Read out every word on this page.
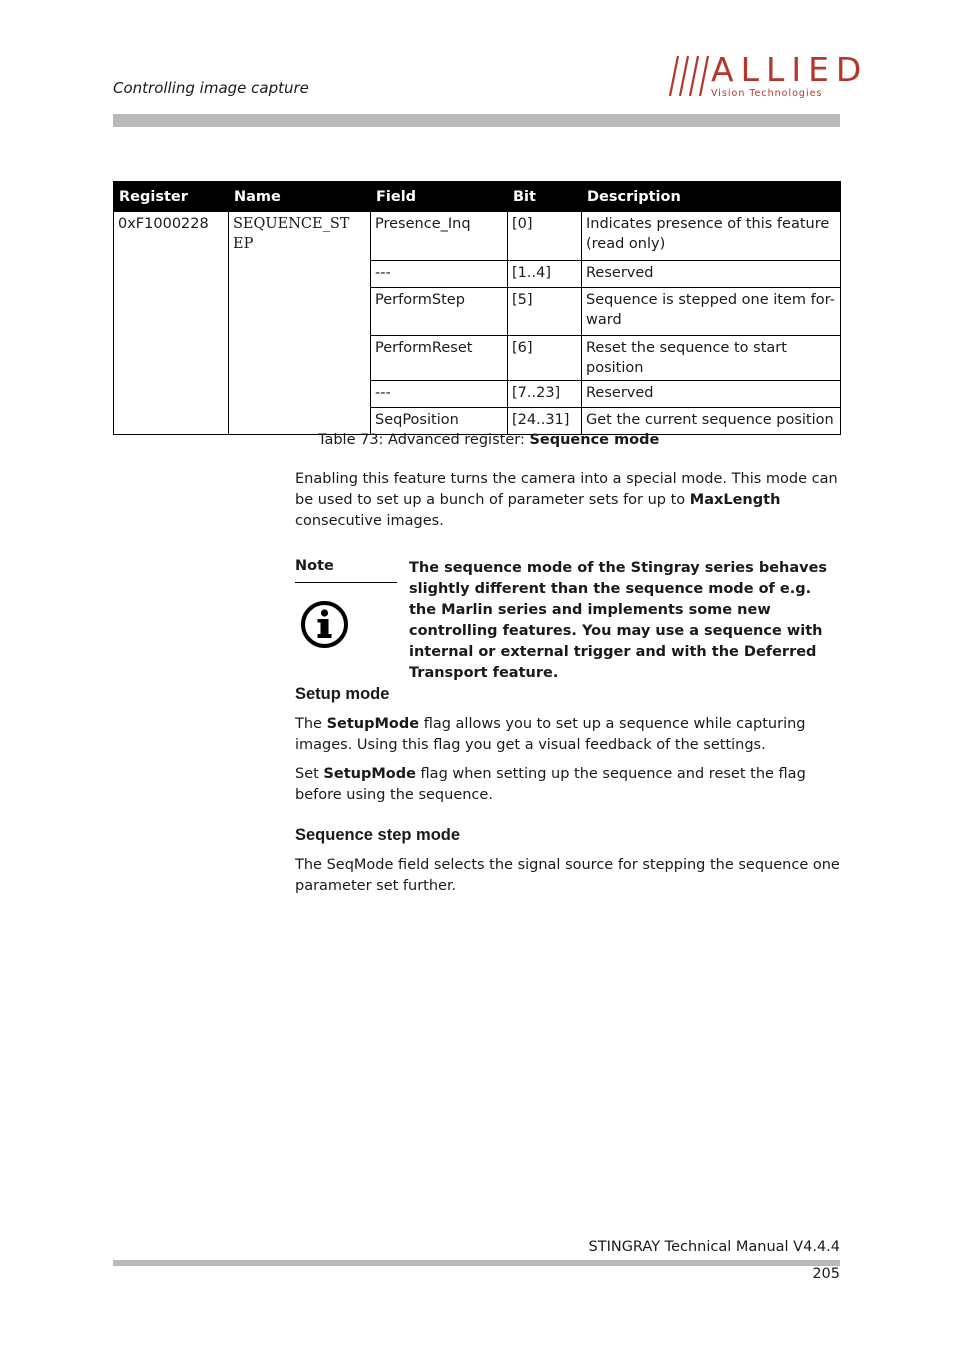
Controlling image capture	ALLIED
Vision Technologies
Register	Name	Field	Bit	Description
0xF1000228	SEQUENCE_ST EP	Presence_Inq	[0]	Indicates presence of this feature (read only)
		---	[1..4]	Reserved
		PerformStep	[5]	Sequence is stepped one item for-ward
		PerformReset	[6]	Reset the sequence to start position
		---	[7..23]	Reserved
		SeqPosition	[24..31]	Get the current sequence position
Table 73: Advanced register: Sequence mode
Enabling this feature turns the camera into a special mode. This mode can be used to set up a bunch of parameter sets for up to MaxLength consecutive images.
Note	The sequence mode of the Stingray series behaves slightly different than the sequence mode of e.g. the Marlin series and implements some new controlling features. You may use a sequence with internal or external trigger and with the Deferred Transport feature.
Setup mode
The SetupMode flag allows you to set up a sequence while capturing images. Using this flag you get a visual feedback of the settings.
Set SetupMode flag when setting up the sequence and reset the flag before using the sequence.
Sequence step mode
The SeqMode field selects the signal source for stepping the sequence one parameter set further.
STINGRAY Technical Manual V4.4.4
205
